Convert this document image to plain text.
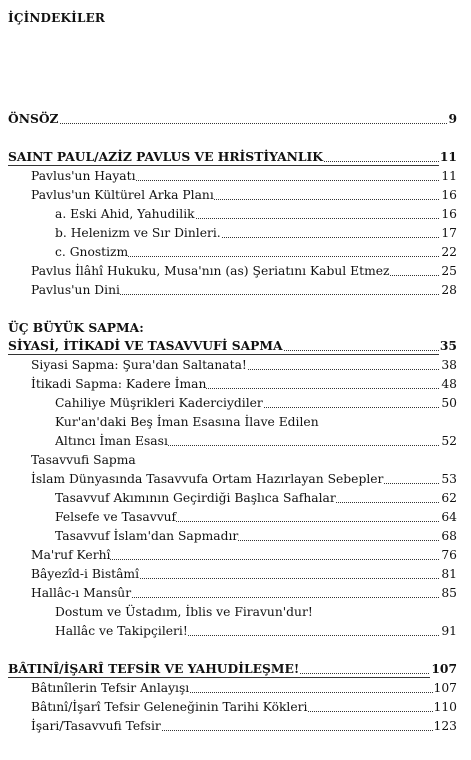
İÇİNDEKİLER
ÖNSÖZ	9
SAINT PAUL/AZİZ PAVLUS VE HRİSTİYANLIK	11
Pavlus'un Hayatı	11
Pavlus'un Kültürel Arka Planı	16
a. Eski Ahid, Yahudilik	16
b. Helenizm ve Sır Dinleri.	17
c. Gnostizm	22
Pavlus İlâhî Hukuku, Musa'nın (as) Şeriatını Kabul Etmez	25
Pavlus'un Dini	28
ÜÇ BÜYÜK SAPMA:
SİYASİ, İTİKADİ VE TASAVVUFİ SAPMA	35
Siyasi Sapma: Şura'dan Saltanata!	38
İtikadi Sapma: Kadere İman	48
Cahiliye Müşrikleri Kaderciydiler	50
Kur'an'daki Beş İman Esasına İlave Edilen
Altıncı İman Esası	52
Tasavvufi Sapma
İslam Dünyasında Tasavvufa Ortam Hazırlayan Sebepler	53
Tasavvuf Akımının Geçirdiği Başlıca Safhalar	62
Felsefe ve Tasavvuf	64
Tasavvuf İslam'dan Sapmadır	68
Ma'ruf Kerhî	76
Bâyezîd-i Bistâmî	81
Hallâc-ı Mansûr	85
Dostum ve Üstadım, İblis ve Firavun'dur!
Hallâc ve Takipçileri!	91
BÂTINÎ/İŞARÎ TEFSİR VE YAHUDİLEŞME!	107
Bâtınîlerin Tefsir Anlayışı	107
Bâtınî/İşarî Tefsir Geleneğinin Tarihi Kökleri	110
İşari/Tasavvufi Tefsir	123
